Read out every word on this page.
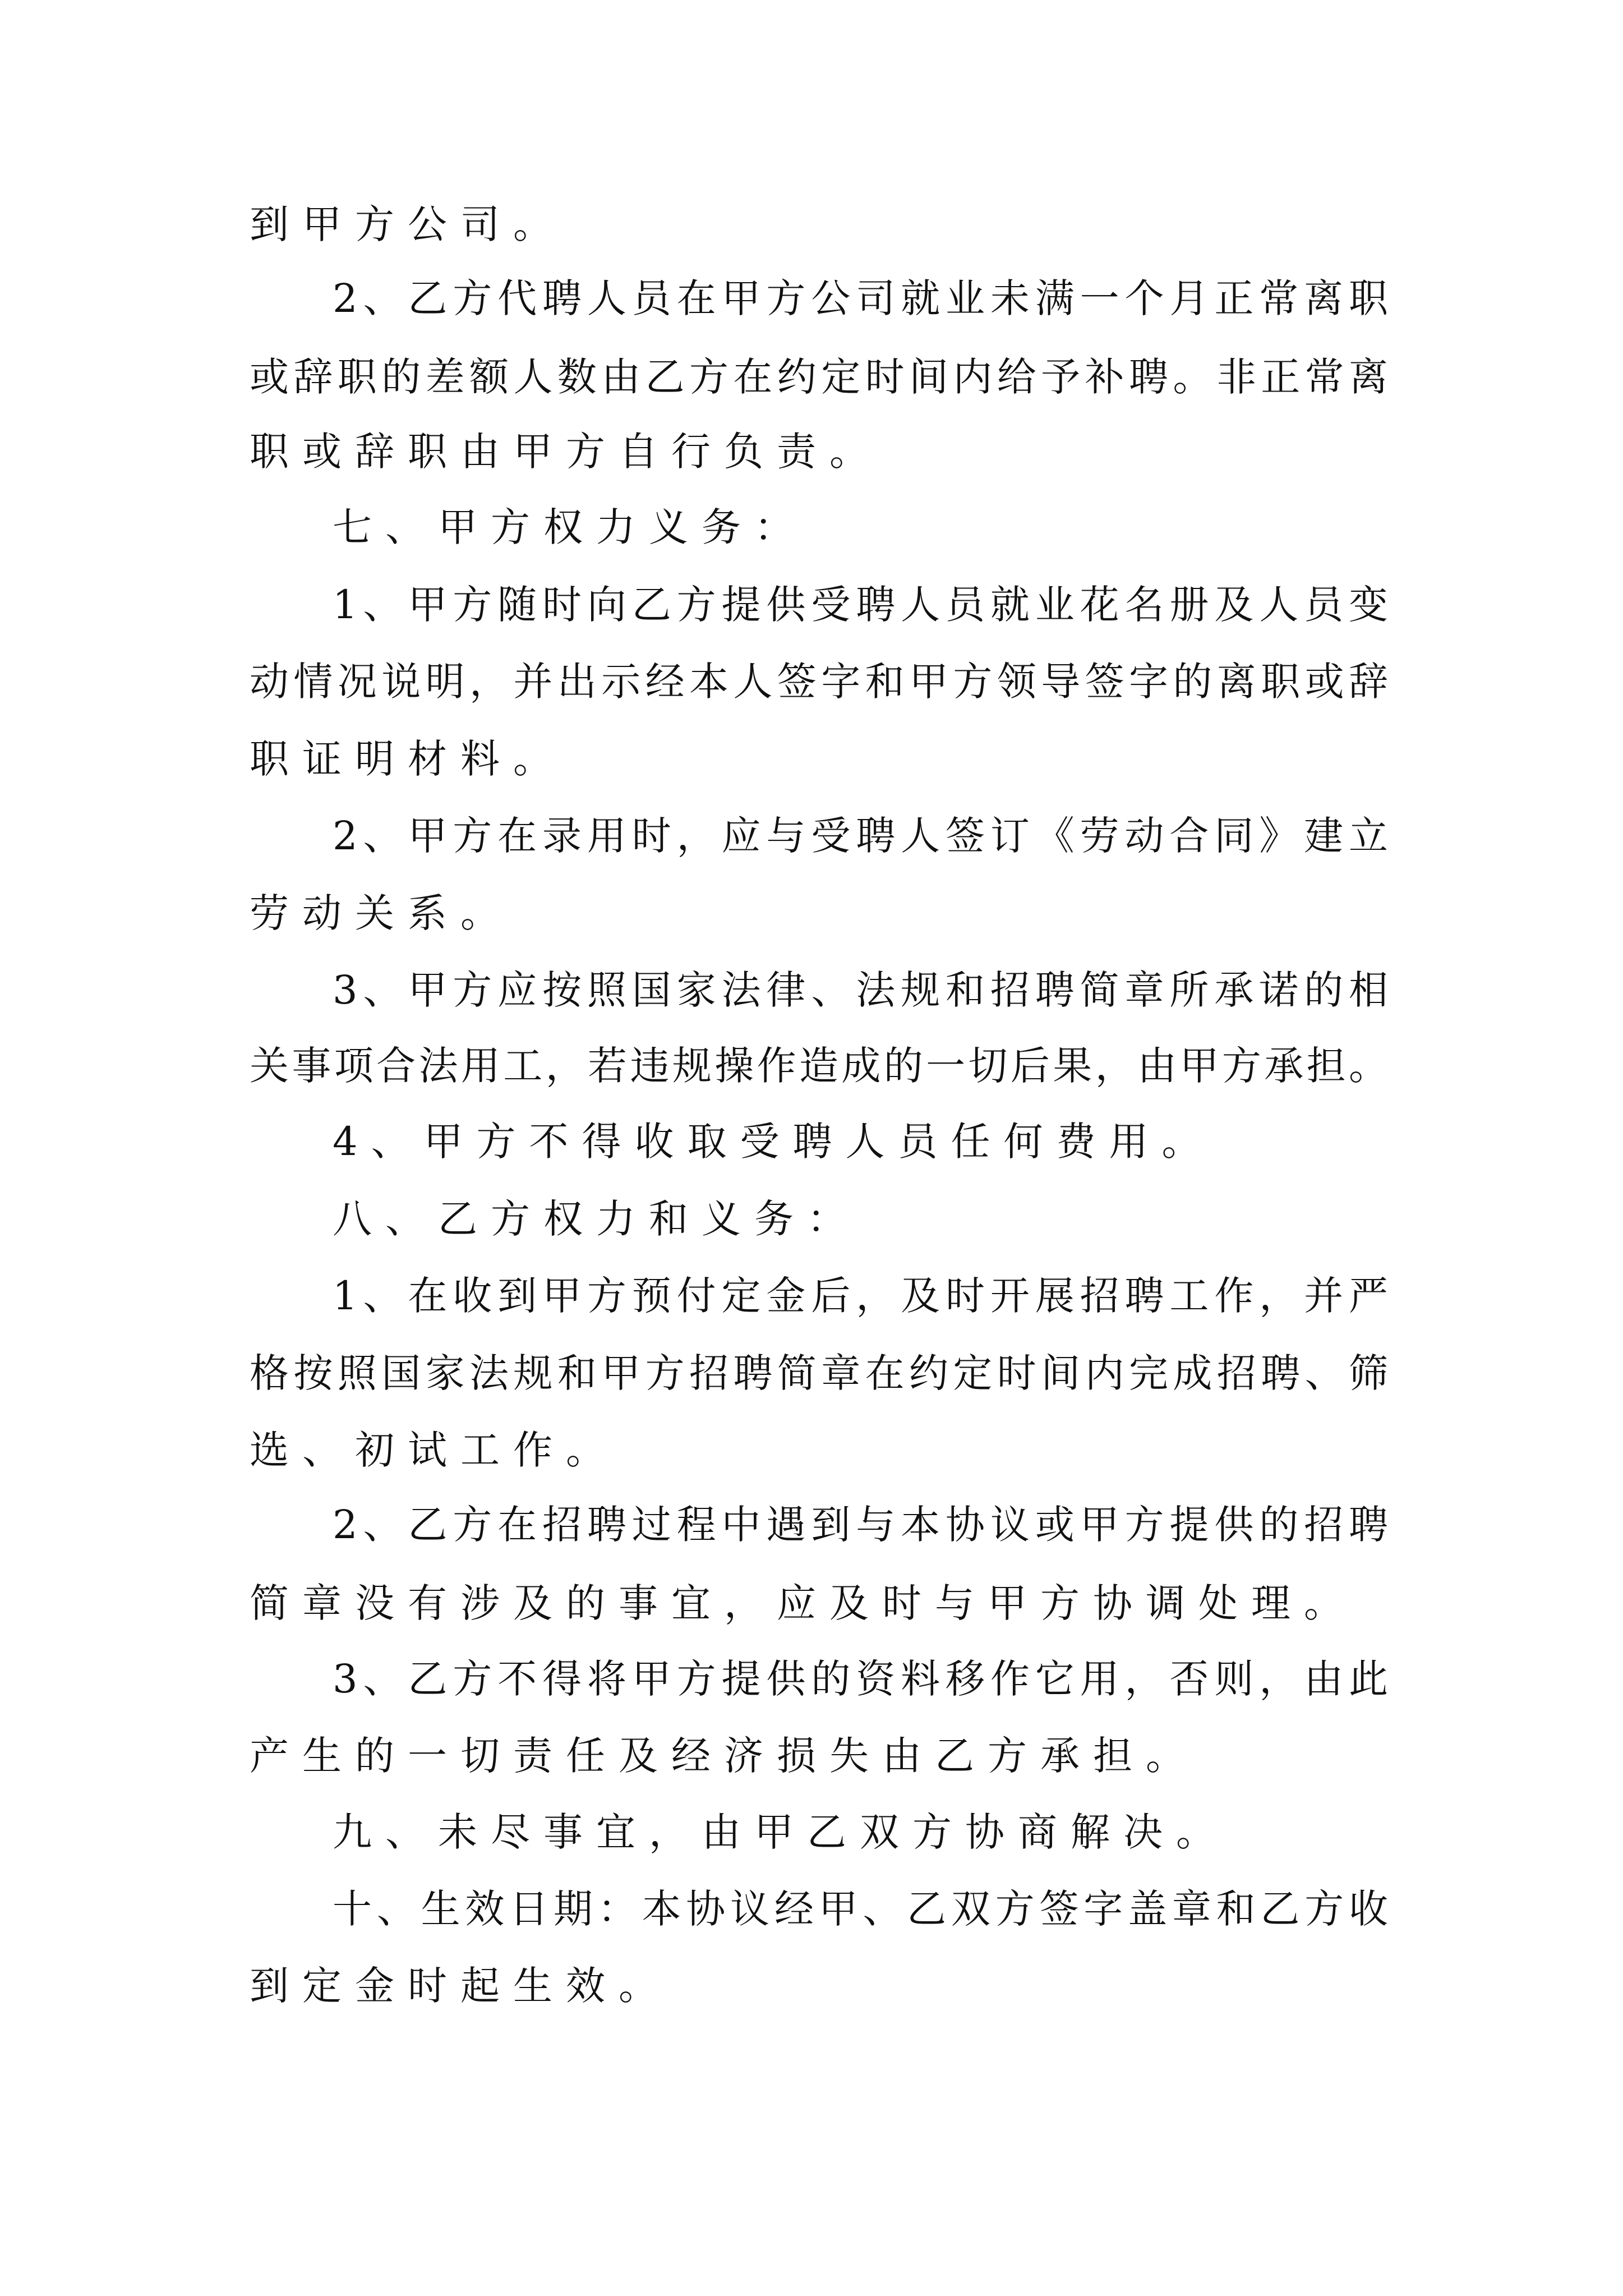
到甲方公司。

2、乙方代聘人员在甲方公司就业未满一个月正常离职

或辞职的差额人数由乙方在约定时间内给予补聘。非正常离

职或辞职由甲方自行负责。

七、甲方权力义务：

1、甲方随时向乙方提供受聘人员就业花名册及人员变

动情况说明，并出示经本人签字和甲方领导签字的离职或辞

职证明材料。

2、甲方在录用时，应与受聘人签订《劳动合同》建立

劳动关系。

3、甲方应按照国家法律、法规和招聘简章所承诺的相

关事项合法用工，若违规操作造成的一切后果，由甲方承担。

4、甲方不得收取受聘人员任何费用。

八、乙方权力和义务：

1、在收到甲方预付定金后，及时开展招聘工作，并严

格按照国家法规和甲方招聘简章在约定时间内完成招聘、筛

选、初试工作。

2、乙方在招聘过程中遇到与本协议或甲方提供的招聘

简章没有涉及的事宜，应及时与甲方协调处理。

3、乙方不得将甲方提供的资料移作它用，否则，由此

产生的一切责任及经济损失由乙方承担。

九、未尽事宜，由甲乙双方协商解决。

十、生效日期：本协议经甲、乙双方签字盖章和乙方收

到定金时起生效。
